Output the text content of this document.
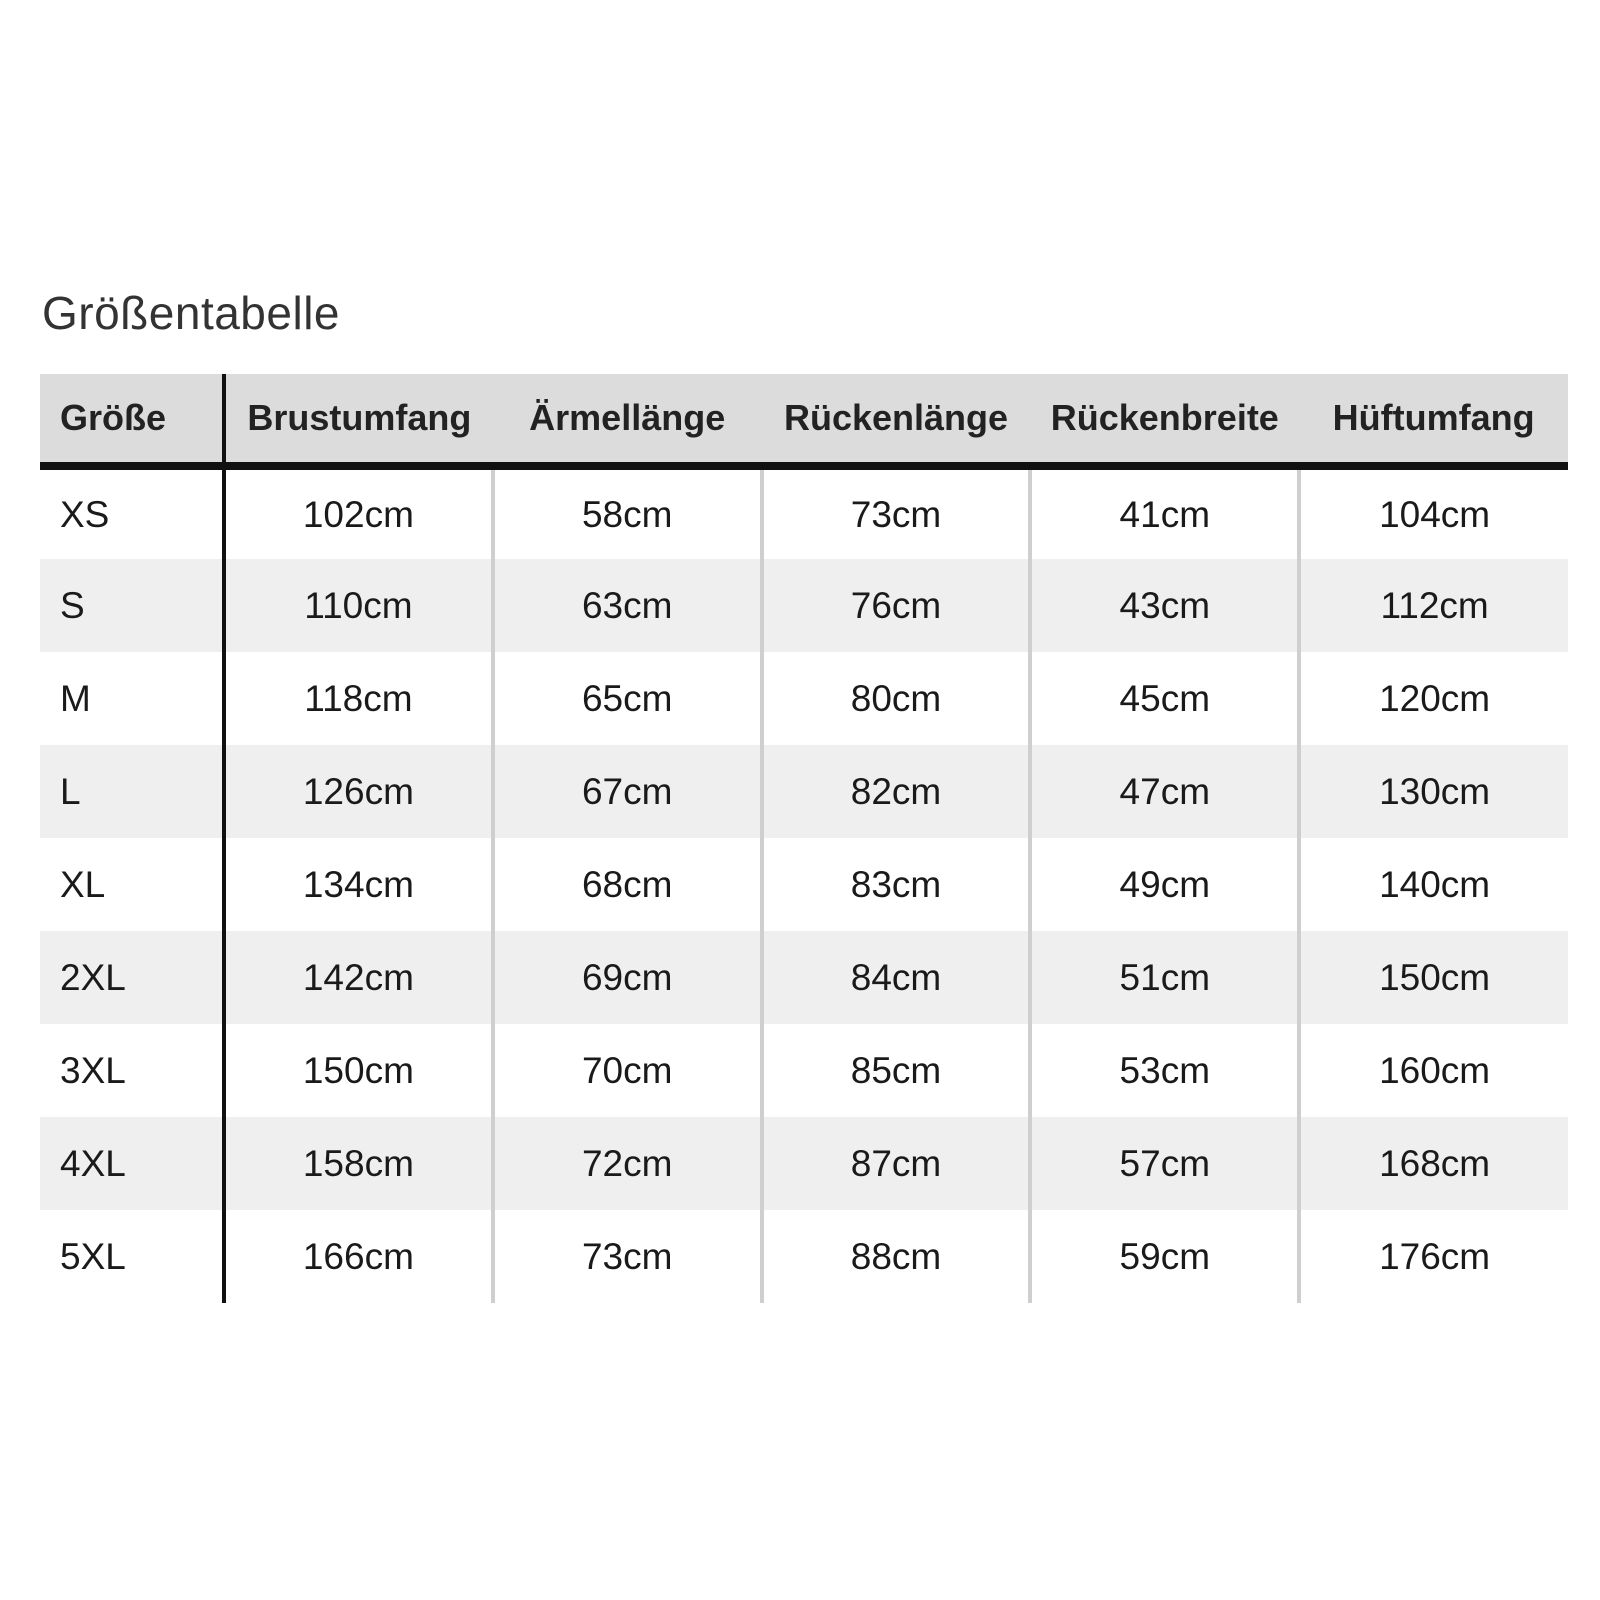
Größentabelle
Größe	Brustumfang	Ärmellänge	Rückenlänge	Rückenbreite	Hüftumfang
XS	102cm	58cm	73cm	41cm	104cm
S	110cm	63cm	76cm	43cm	112cm
M	118cm	65cm	80cm	45cm	120cm
L	126cm	67cm	82cm	47cm	130cm
XL	134cm	68cm	83cm	49cm	140cm
2XL	142cm	69cm	84cm	51cm	150cm
3XL	150cm	70cm	85cm	53cm	160cm
4XL	158cm	72cm	87cm	57cm	168cm
5XL	166cm	73cm	88cm	59cm	176cm
